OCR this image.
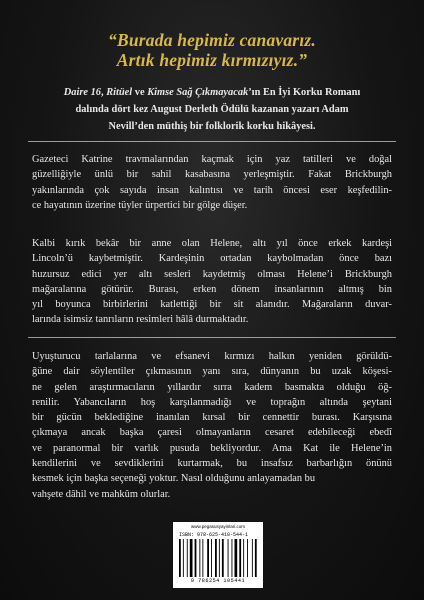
“Burada hepimiz canavarız.
Artık hepimiz kırmızıyız.”
Daire 16, Ritüel ve Kimse Sağ Çıkmayacak’ın En İyi Korku Romanı
dalında dört kez August Derleth Ödülü kazanan yazarı Adam
Nevill’den müthiş bir folklorik korku hikâyesi.
Gazeteci Katrine travmalarından kaçmak için yaz tatilleri ve doğal
güzelliğiyle ünlü bir sahil kasabasına yerleşmiştir. Fakat Brickburgh
yakınlarında çok sayıda insan kalıntısı ve tarih öncesi eser keşfedilin-
ce hayatının üzerine tüyler ürpertici bir gölge düşer.
Kalbi kırık bekâr bir anne olan Helene, altı yıl önce erkek kardeşi
Lincoln’ü kaybetmiştir. Kardeşinin ortadan kaybolmadan önce bazı
huzursuz edici yer altı sesleri kaydetmiş olması Helene’i Brickburgh
mağaralarına götürür. Burası, erken dönem insanlarının altmış bin
yıl boyunca birbirlerini katlettiği bir sit alanıdır. Mağaraların duvar-
larında isimsiz tanrıların resimleri hâlâ durmaktadır.
Uyuşturucu tarlalarına ve efsanevi kırmızı halkın yeniden görüldü-
ğüne dair söylentiler çıkmasının yanı sıra, dünyanın bu uzak köşesi-
ne gelen araştırmacıların yıllardır sırra kadem basmakta olduğu öğ-
renilir. Yabancıların hoş karşılanmadığı ve toprağın altında şeytani
bir gücün beklediğine inanılan kırsal bir cennettir burası. Karşısına
çıkmaya ancak başka çaresi olmayanların cesaret edebileceği ebedî
ve paranormal bir varlık pusuda bekliyordur. Ama Kat ile Helene’in
kendilerini ve sevdiklerini kurtarmak, bu insafsız barbarlığın önünü
kesmek için başka seçeneği yoktur. Nasıl olduğunu anlayamadan bu
vahşete dâhil ve mahkûm olurlar.
www.pegasusyayinlari.com
ISBN: 978-625-410-544-1
9 786254 105441
